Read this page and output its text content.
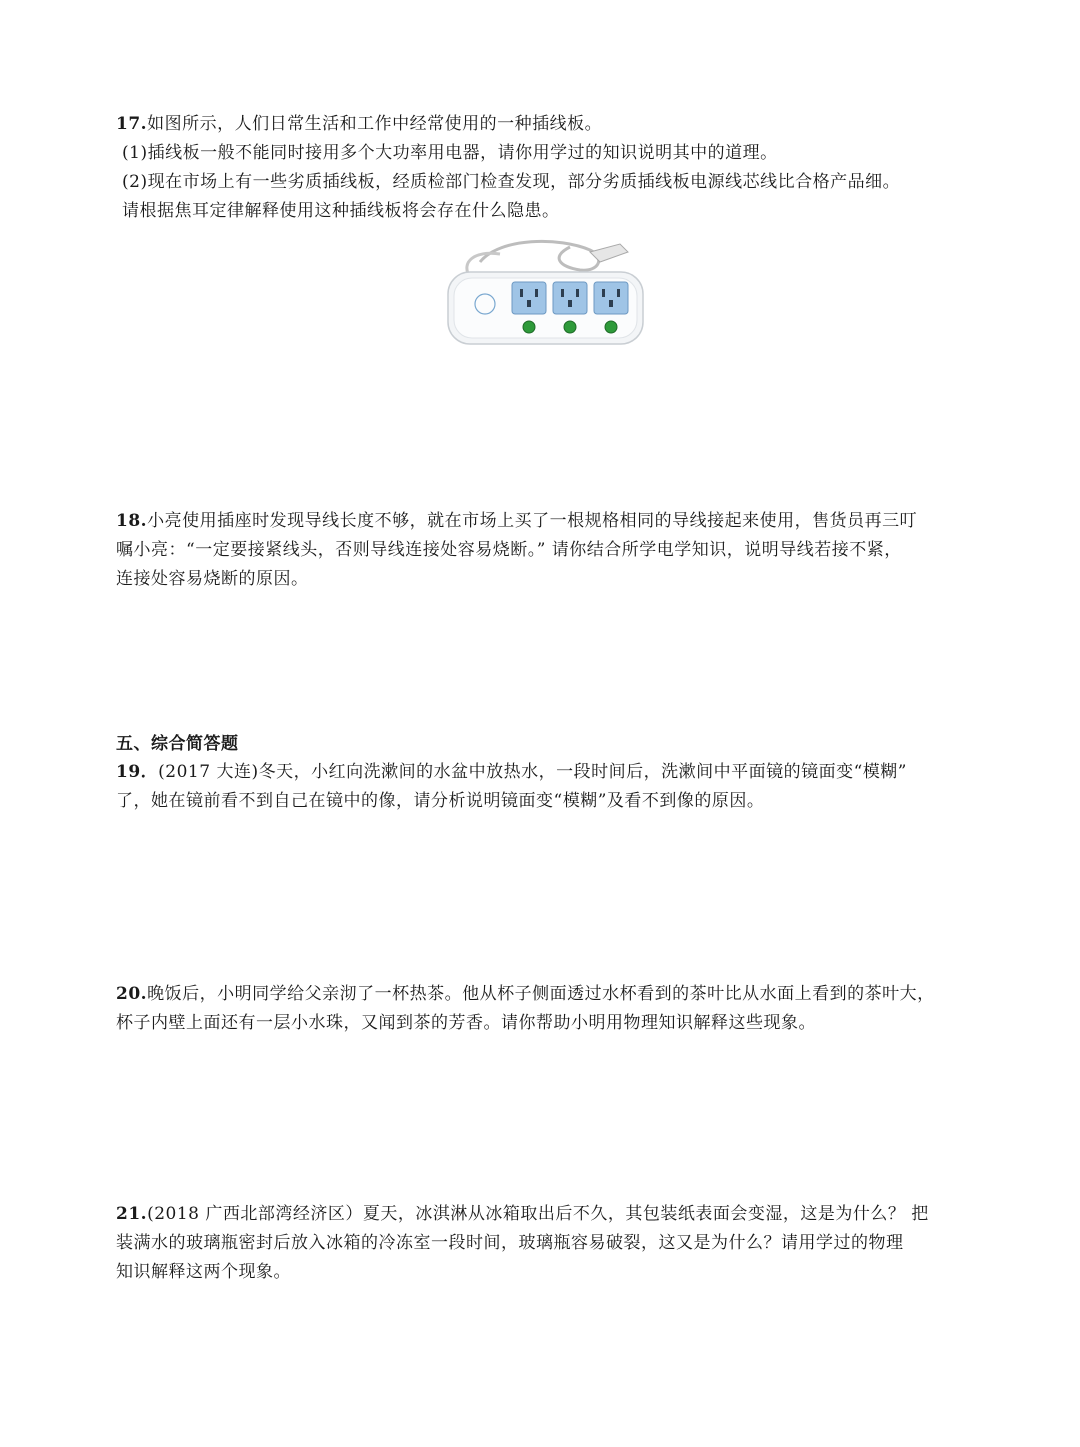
17.如图所示，人们日常生活和工作中经常使用的一种插线板。
(1)插线板一般不能同时接用多个大功率用电器，请你用学过的知识说明其中的道理。
(2)现在市场上有一些劣质插线板，经质检部门检查发现，部分劣质插线板电源线芯线比合格产品细。
请根据焦耳定律解释使用这种插线板将会存在什么隐患。
18.小亮使用插座时发现导线长度不够，就在市场上买了一根规格相同的导线接起来使用，售货员再三叮
嘱小亮：“一定要接紧线头，否则导线连接处容易烧断。” 请你结合所学电学知识，说明导线若接不紧，
连接处容易烧断的原因。
五、综合简答题
19．(2017 大连)冬天，小红向洗漱间的水盆中放热水，一段时间后，洗漱间中平面镜的镜面变“模糊”
了，她在镜前看不到自己在镜中的像，请分析说明镜面变“模糊”及看不到像的原因。
20.晚饭后，小明同学给父亲沏了一杯热茶。他从杯子侧面透过水杯看到的茶叶比从水面上看到的茶叶大，
杯子内壁上面还有一层小水珠，又闻到茶的芳香。请你帮助小明用物理知识解释这些现象。
21.(2018 广西北部湾经济区）夏天，冰淇淋从冰箱取出后不久，其包装纸表面会变湿，这是为什么？ 把
装满水的玻璃瓶密封后放入冰箱的冷冻室一段时间，玻璃瓶容易破裂，这又是为什么？请用学过的物理
知识解释这两个现象。
